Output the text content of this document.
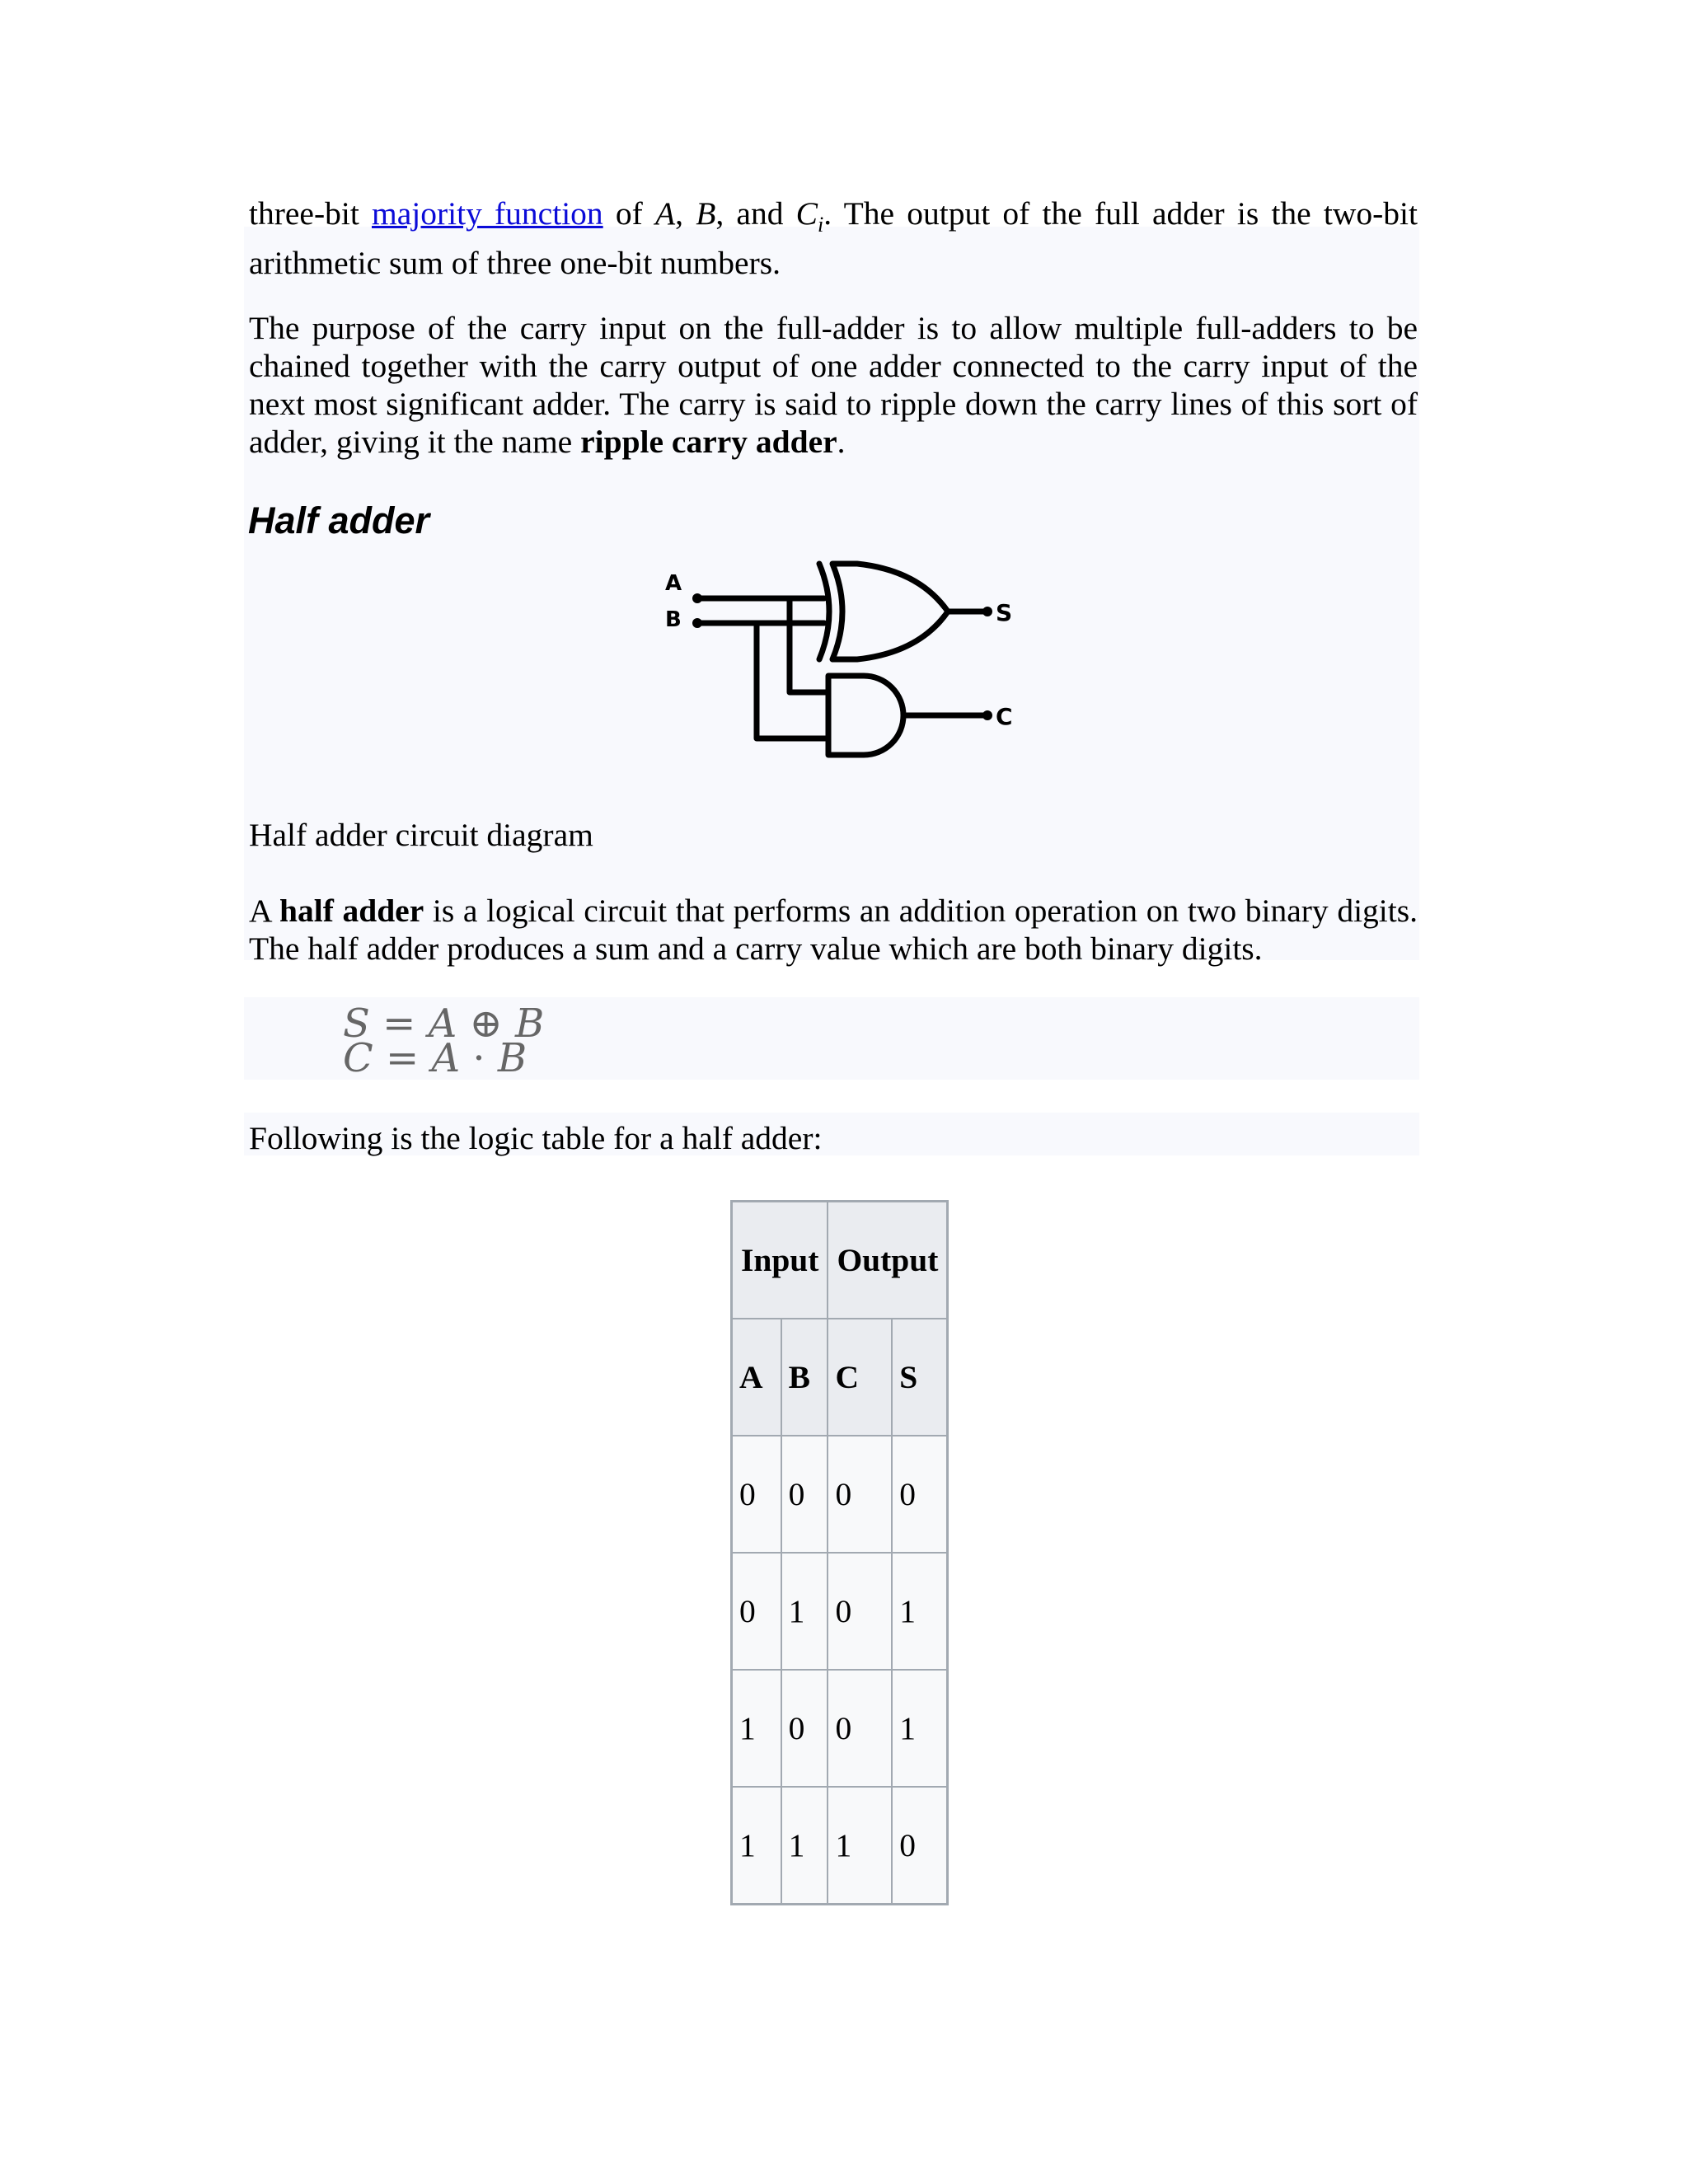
three-bit majority function of A, B, and $C_i$. The output of the full adder is the two-bit arithmetic sum of three one-bit numbers.

The purpose of the carry input on the full-adder is to allow multiple full-adders to be chained together with the carry output of one adder connected to the carry input of the next most significant adder. The carry is said to ripple down the carry lines of this sort of adder, giving it the name ripple carry adder.

Half adder
A
B	S
C
Half adder circuit diagram

A half adder is a logical circuit that performs an addition operation on two binary digits. The half adder produces a sum and a carry value which are both binary digits.

S = A ⊕ B
C = A · B
Following is the logic table for a half adder:
Input		Output	
A	B	C	S
0	0	0	0
0	1	0	1
1	0	0	1
1	1	1	0
